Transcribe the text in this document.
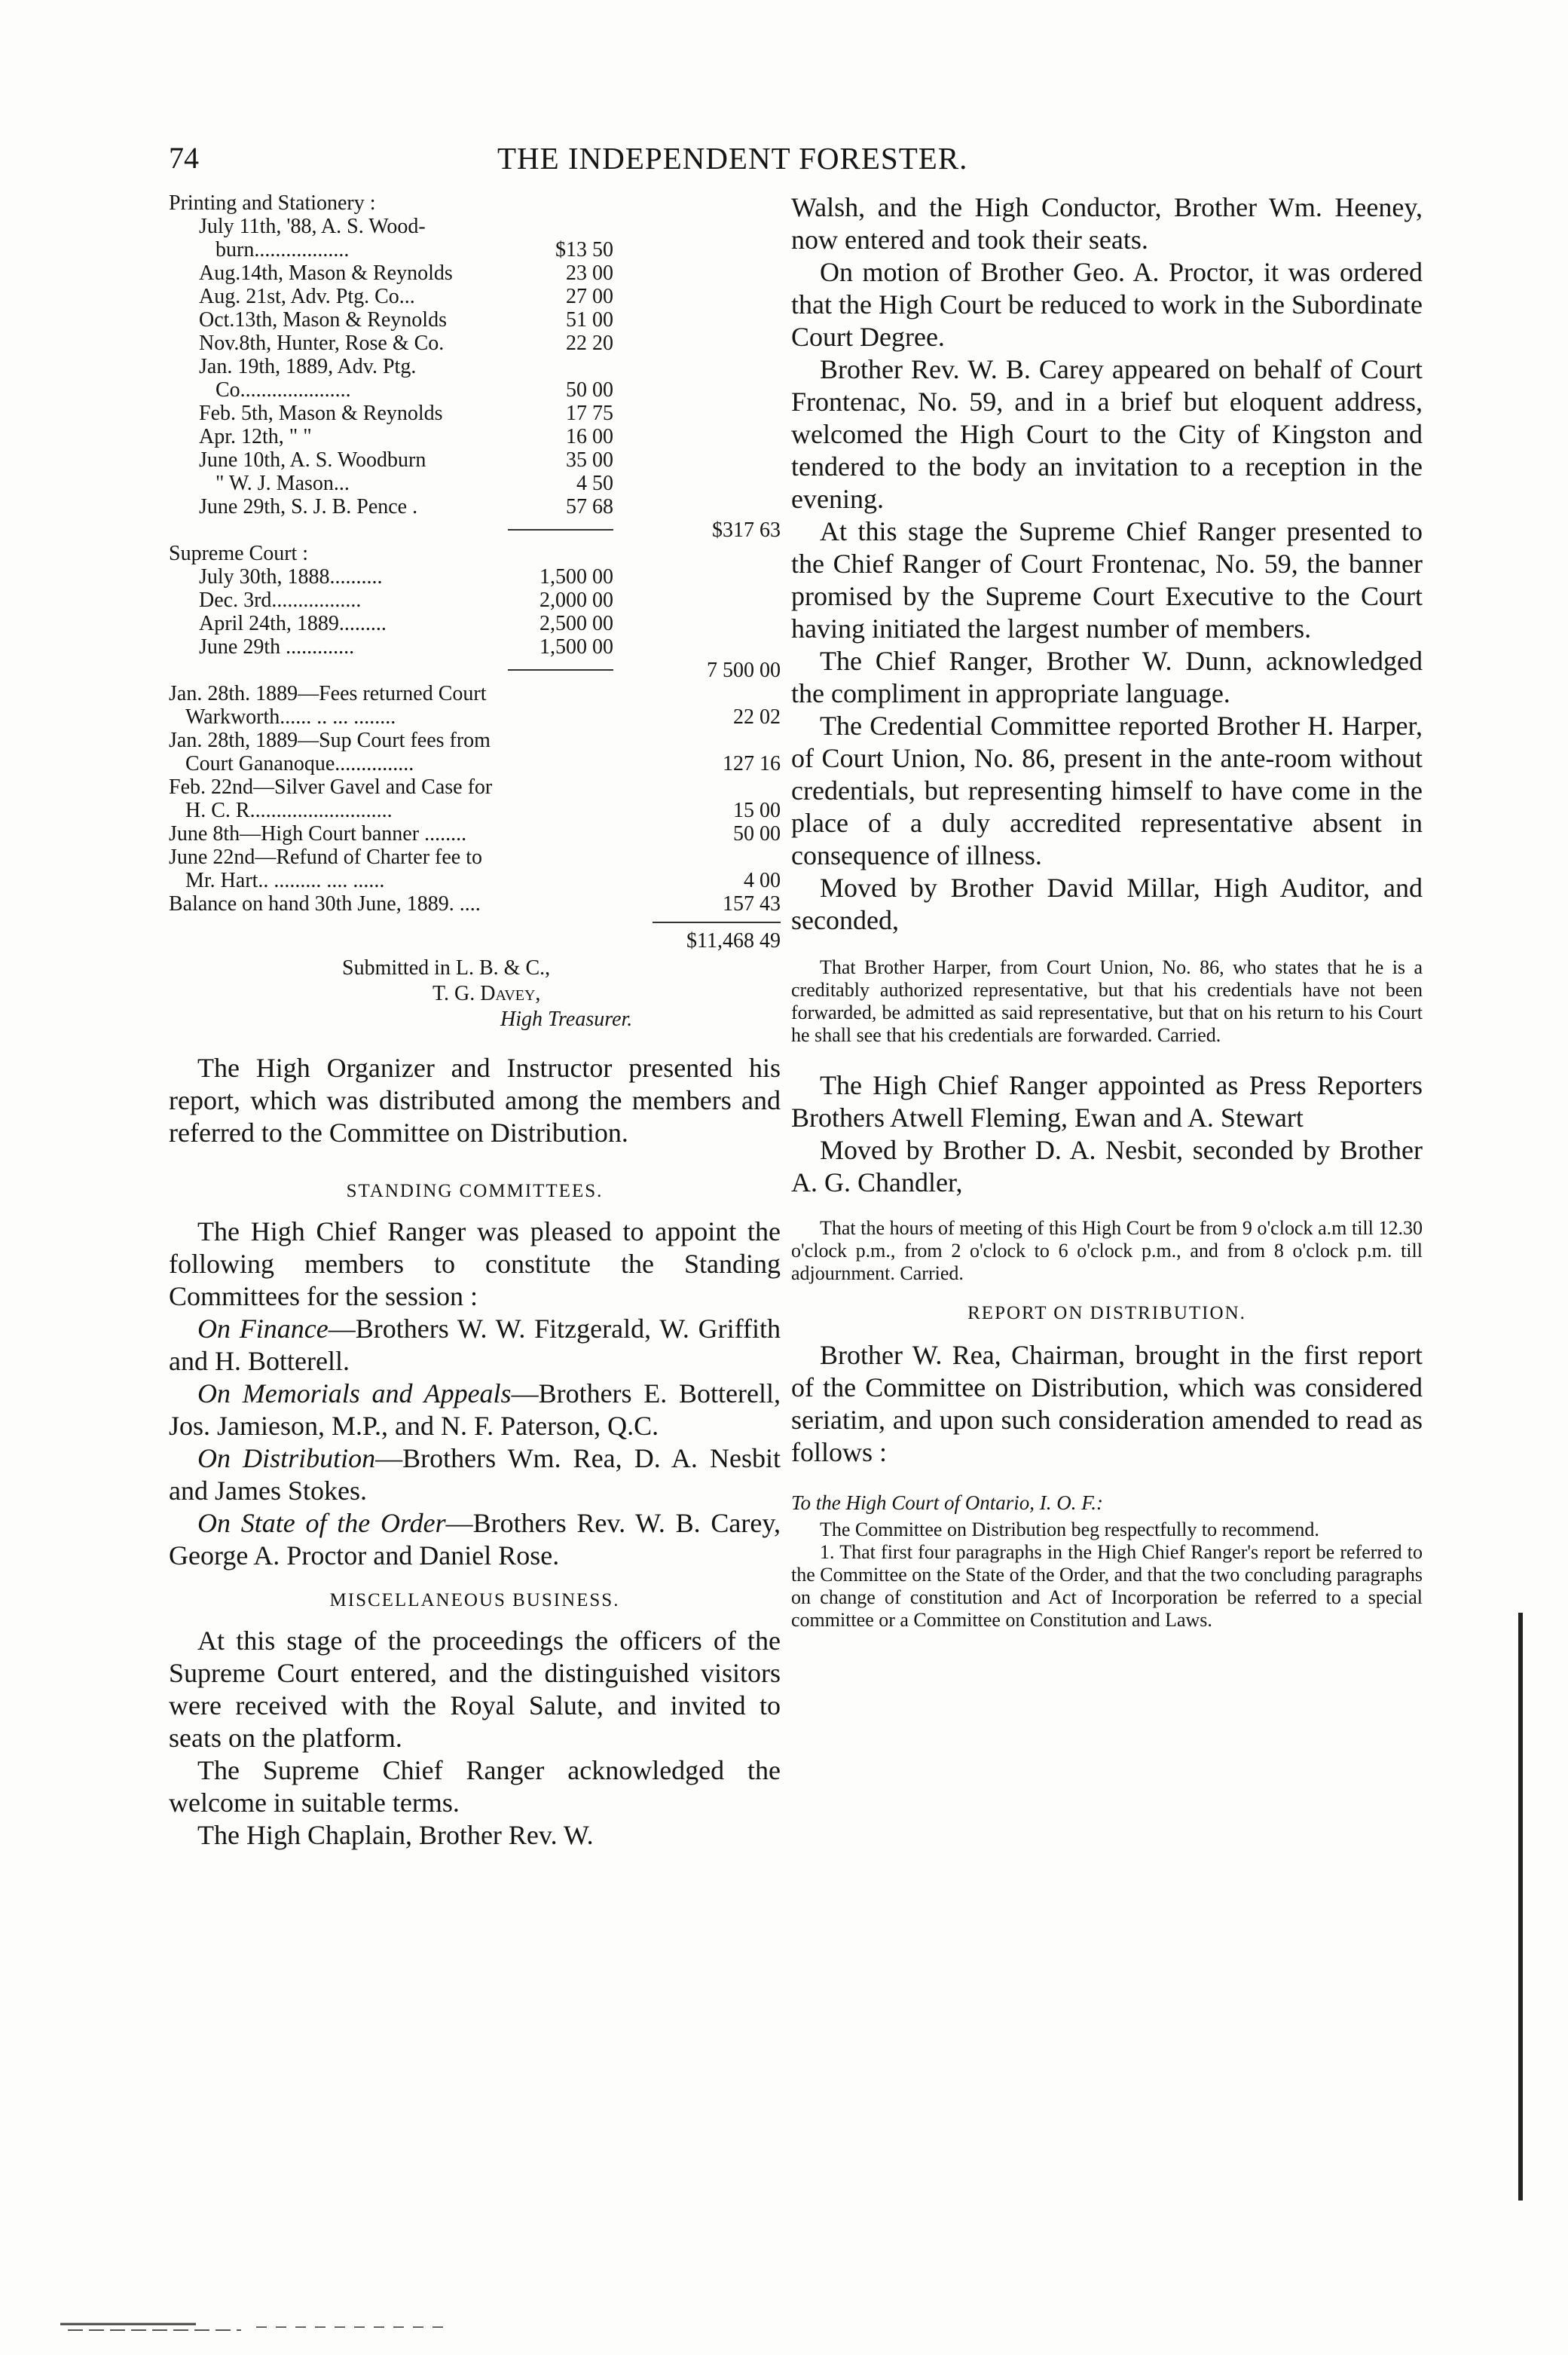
74	THE INDEPENDENT FORESTER.
Printing and Stationery :
July 11th, '88, A. S. Wood-
burn..................	$13 50
Aug.14th, Mason & Reynolds	23 00
Aug. 21st, Adv. Ptg. Co...	27 00
Oct.13th, Mason & Reynolds	51 00
Nov.8th, Hunter, Rose & Co.	22 20
Jan. 19th, 1889, Adv. Ptg.
Co.....................	50 00
Feb. 5th, Mason & Reynolds	17 75
Apr. 12th, " "	16 00
June 10th, A. S. Woodburn	35 00
" W. J. Mason...	4 50
June 29th, S. J. B. Pence .	57 68
$317 63
Supreme Court :
July 30th, 1888..........	1,500 00
Dec. 3rd.................	2,000 00
April 24th, 1889.........	2,500 00
June 29th .............	1,500 00
7 500 00
Jan. 28th. 1889—Fees returned Court
Warkworth...... .. ... ........	22 02
Jan. 28th, 1889—Sup Court fees from
Court Gananoque...............	127 16
Feb. 22nd—Silver Gavel and Case for
H. C. R...........................	15 00
June 8th—High Court banner ........	50 00
June 22nd—Refund of Charter fee to
Mr. Hart.. ......... .... ......	4 00
Balance on hand 30th June, 1889. ....	157 43
$11,468 49
Submitted in L. B. & C.,
T. G. Davey,
High Treasurer.

The High Organizer and Instructor presented his report, which was distributed among the members and referred to the Committee on Distribution.

STANDING COMMITTEES.

The High Chief Ranger was pleased to appoint the following members to constitute the Standing Committees for the session :

On Finance—Brothers W. W. Fitzgerald, W. Griffith and H. Botterell.

On Memorials and Appeals—Brothers E. Botterell, Jos. Jamieson, M.P., and N. F. Paterson, Q.C.

On Distribution—Brothers Wm. Rea, D. A. Nesbit and James Stokes.

On State of the Order—Brothers Rev. W. B. Carey, George A. Proctor and Daniel Rose.

MISCELLANEOUS BUSINESS.

At this stage of the proceedings the officers of the Supreme Court entered, and the distinguished visitors were received with the Royal Salute, and invited to seats on the platform.

The Supreme Chief Ranger acknowledged the welcome in suitable terms.

The High Chaplain, Brother Rev. W.

Walsh, and the High Conductor, Brother Wm. Heeney, now entered and took their seats.

On motion of Brother Geo. A. Proctor, it was ordered that the High Court be reduced to work in the Subordinate Court Degree.

Brother Rev. W. B. Carey appeared on behalf of Court Frontenac, No. 59, and in a brief but eloquent address, welcomed the High Court to the City of Kingston and tendered to the body an invitation to a reception in the evening.

At this stage the Supreme Chief Ranger presented to the Chief Ranger of Court Frontenac, No. 59, the banner promised by the Supreme Court Executive to the Court having initiated the largest number of members.

The Chief Ranger, Brother W. Dunn, acknowledged the compliment in appropriate language.

The Credential Committee reported Brother H. Harper, of Court Union, No. 86, present in the ante-room without credentials, but representing himself to have come in the place of a duly accredited representative absent in consequence of illness.

Moved by Brother David Millar, High Auditor, and seconded,

That Brother Harper, from Court Union, No. 86, who states that he is a creditably authorized representative, but that his credentials have not been forwarded, be admitted as said representative, but that on his return to his Court he shall see that his credentials are forwarded. Carried.

The High Chief Ranger appointed as Press Reporters Brothers Atwell Fleming, Ewan and A. Stewart

Moved by Brother D. A. Nesbit, seconded by Brother A. G. Chandler,

That the hours of meeting of this High Court be from 9 o'clock a.m till 12.30 o'clock p.m., from 2 o'clock to 6 o'clock p.m., and from 8 o'clock p.m. till adjournment. Carried.

REPORT ON DISTRIBUTION.

Brother W. Rea, Chairman, brought in the first report of the Committee on Distribution, which was considered seriatim, and upon such consideration amended to read as follows :

To the High Court of Ontario, I. O. F.:

The Committee on Distribution beg respectfully to recommend.

1. That first four paragraphs in the High Chief Ranger's report be referred to the Committee on the State of the Order, and that the two concluding paragraphs on change of constitution and Act of Incorporation be referred to a special committee or a Committee on Constitution and Laws.
